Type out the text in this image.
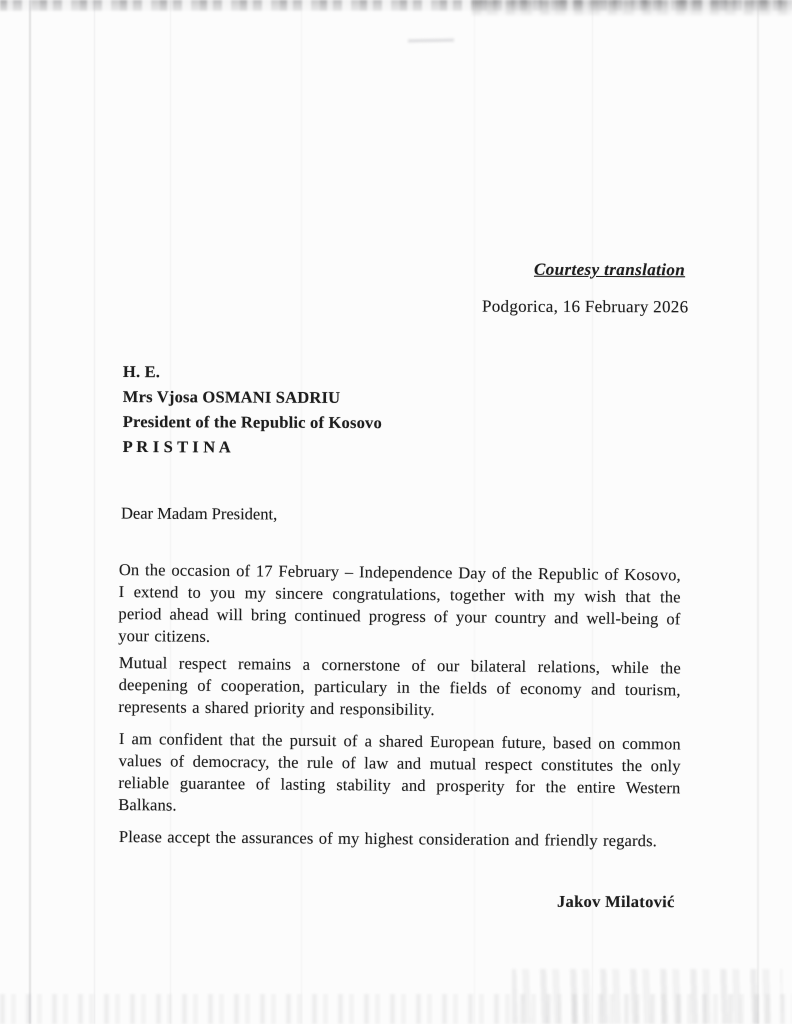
Courtesy translation
Podgorica, 16 February 2026
H. E.
Mrs Vjosa OSMANI SADRIU
President of the Republic of Kosovo
P R I S T I N A
Dear Madam President,

On the occasion of 17 February – Independence Day of the Republic of Kosovo, I extend to you my sincere congratulations, together with my wish that the period ahead will bring continued progress of your country and well-being of your citizens.

Mutual respect remains a cornerstone of our bilateral relations, while the deepening of cooperation, particulary in the fields of economy and tourism, represents a shared priority and responsibility.

I am confident that the pursuit of a shared European future, based on common values of democracy, the rule of law and mutual respect constitutes the only reliable guarantee of lasting stability and prosperity for the entire Western Balkans.

Please accept the assurances of my highest consideration and friendly regards.

Jakov Milatović
